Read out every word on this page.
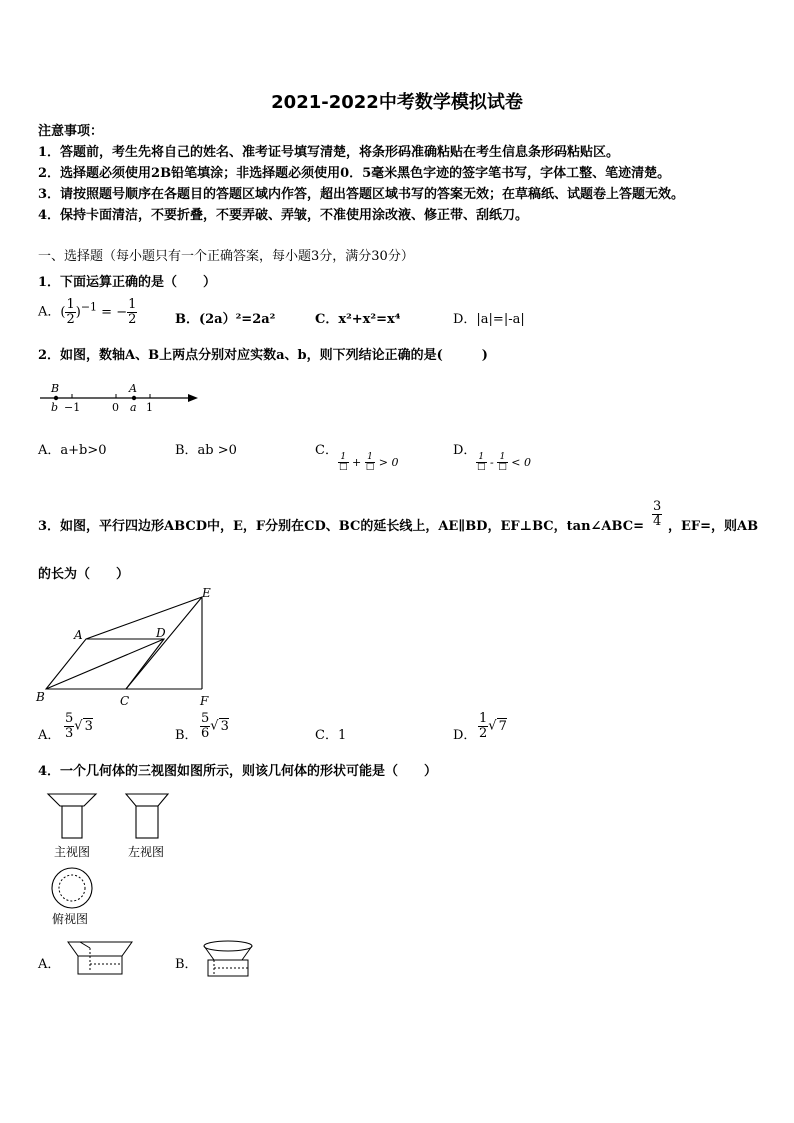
2021-2022中考数学模拟试卷
注意事项：
1．答题前，考生先将自己的姓名、准考证号填写清楚，将条形码准确粘贴在考生信息条形码粘贴区。
2．选择题必须使用2B铅笔填涂；非选择题必须使用0．5毫米黑色字迹的签字笔书写，字体工整、笔迹清楚。
3．请按照题号顺序在各题目的答题区域内作答，超出答题区域书写的答案无效；在草稿纸、试题卷上答题无效。
4．保持卡面清洁，不要折叠，不要弄破、弄皱，不准使用涂改液、修正带、刮纸刀。
一、选择题（每小题只有一个正确答案，每小题3分，满分30分）
1．下面运算正确的是（　　）
A．( $\frac{1}{2} )^{-1}$ = − $\frac{1}{2}$	B．(2a）²=2a²	C．x²+x²=x⁴	D．|a|=|-a|
2．如图，数轴A、B上两点分别对应实数a、b，则下列结论正确的是(　　　)
B
b −1	0
A
a 1
A．a+b>0	B．ab >0	C．
$\frac{1}{□} + \frac{1}{□} > 0$
D．
$\frac{1}{□} - \frac{1}{□} < 0$
3．如图，平行四边形ABCD中，E，F分别在CD、BC的延长线上，AE∥BD，EF⊥BC，tan∠ABC= $\frac{3}{4}$ ，EF=，则AB
的长为（　　）
A	D
E
B	C	F
A． $\frac{5}{3}$ √ 3
B． $\frac{5}{6}$ √ 3
C．1	D． $\frac{1}{2}$ √ 7
4．一个几何体的三视图如图所示，则该几何体的形状可能是（　　）
主视图	左视图
俯视图
A．	B．
